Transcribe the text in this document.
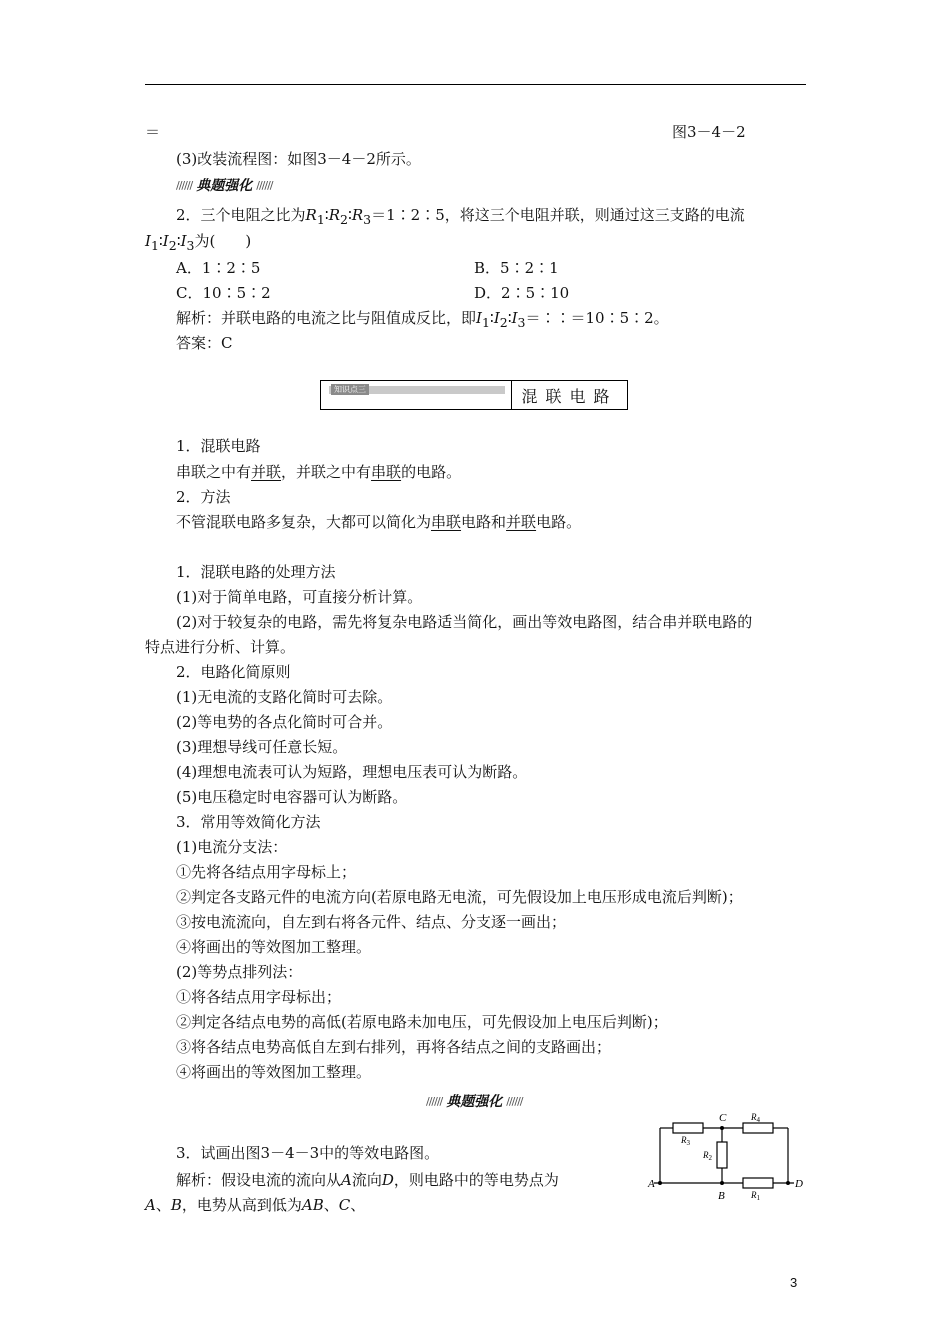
＝	图3－4－2
(3)改装流程图：如图3－4－2所示。
////// 典题强化 //////
2．三个电阻之比为$R_1∶R_2∶R_3=1∶2∶5$，将这三个电阻并联，则通过这三支路的电流
$I_1∶I_2∶I_3$为(　　)
A．1∶2∶5	B．5∶2∶1
C．10∶5∶2	D．2∶5∶10
解析：并联电路的电流之比与阻值成反比，即$I_1∶I_2∶I_3=∶∶=10∶5∶2$。
答案：C
知识点三	混联电路
1．混联电路
串联之中有并联，并联之中有串联的电路。
2．方法
不管混联电路多复杂，大都可以简化为串联电路和并联电路。
1．混联电路的处理方法
(1)对于简单电路，可直接分析计算。
(2)对于较复杂的电路，需先将复杂电路适当简化，画出等效电路图，结合串并联电路的
特点进行分析、计算。
2．电路化简原则
(1)无电流的支路化简时可去除。
(2)等电势的各点化简时可合并。
(3)理想导线可任意长短。
(4)理想电流表可认为短路，理想电压表可认为断路。
(5)电压稳定时电容器可认为断路。
3．常用等效简化方法
(1)电流分支法：
①先将各结点用字母标上；
②判定各支路元件的电流方向(若原电路无电流，可先假设加上电压形成电流后判断)；
③按电流流向，自左到右将各元件、结点、分支逐一画出；
④将画出的等效图加工整理。
(2)等势点排列法：
①将各结点用字母标出；
②判定各结点电势的高低(若原电路未加电压，可先假设加上电压后判断)；
③将各结点电势高低自左到右排列，再将各结点之间的支路画出；
④将画出的等效图加工整理。
////// 典题强化 //////
3．试画出图3－4－3中的等效电路图。
解析：假设电流的流向从A流向D，则电路中的等电势点为
A、B，电势从高到低为AB、C、
C
A
B
D
$R_3$
$R_4$
$R_2$
$R_1$
3
